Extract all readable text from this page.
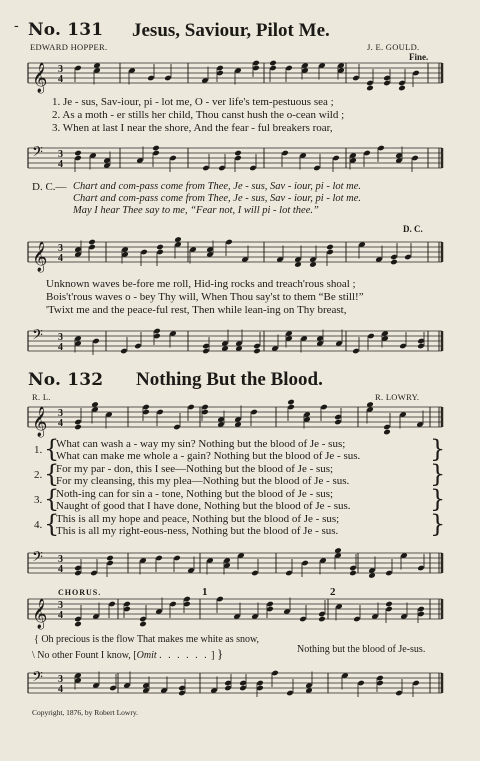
- No. 131 Jesus, Saviour, Pilot Me.
EDWARD HOPPER.	J. E. GOULD.
Fine.
𝄞 3
4
1. Je - sus, Sav-iour, pi - lot me, O - ver life's tem-pestuous sea ;
2. As a moth - er stills her child, Thou canst hush the o-cean wild ;
3. When at last I near the shore, And the fear - ful breakers roar,
𝄢 3
4
D. C.— Chart and com-pass come from Thee, Je - sus, Sav - iour, pi - lot me.
Chart and com-pass come from Thee, Je - sus, Sav - iour, pi - lot me.
May I hear Thee say to me, “Fear not, I will pi - lot thee.”
D. C.
𝄞 3
4
Unknown waves be-fore me roll, Hid-ing rocks and treach'rous shoal ;
Bois't'rous waves o - bey Thy will, When Thou say'st to them “Be still!”
'Twixt me and the peace-ful rest, Then while lean-ing on Thy breast,
𝄢 3
4
No. 132 Nothing But the Blood.
R. L.	R. LOWRY.
𝄞 3
4
1. {
What can wash a - way my sin? Nothing but the blood of Je - sus;
What can make me whole a - gain? Nothing but the blood of Je - sus.	}
2. {
For my par - don, this I see—Nothing but the blood of Je - sus;
For my cleansing, this my plea—Nothing but the blood of Je - sus.	}
3. {
Noth-ing can for sin a - tone, Nothing but the blood of Je - sus;
Naught of good that I have done, Nothing but the blood of Je - sus.	}
4. {
This is all my hope and peace, Nothing but the blood of Je - sus;
This is all my right-eous-ness, Nothing but the blood of Je - sus.	}
𝄢 3
4
CHORUS.
𝄞 3
4
1	2
{ Oh precious is the flow That makes me white as snow,
\ No other Fount I know, [Omit . . . . . . ] }	Nothing but the blood of Je-sus.
𝄢 3
4
Copyright, 1876, by Robert Lowry.
